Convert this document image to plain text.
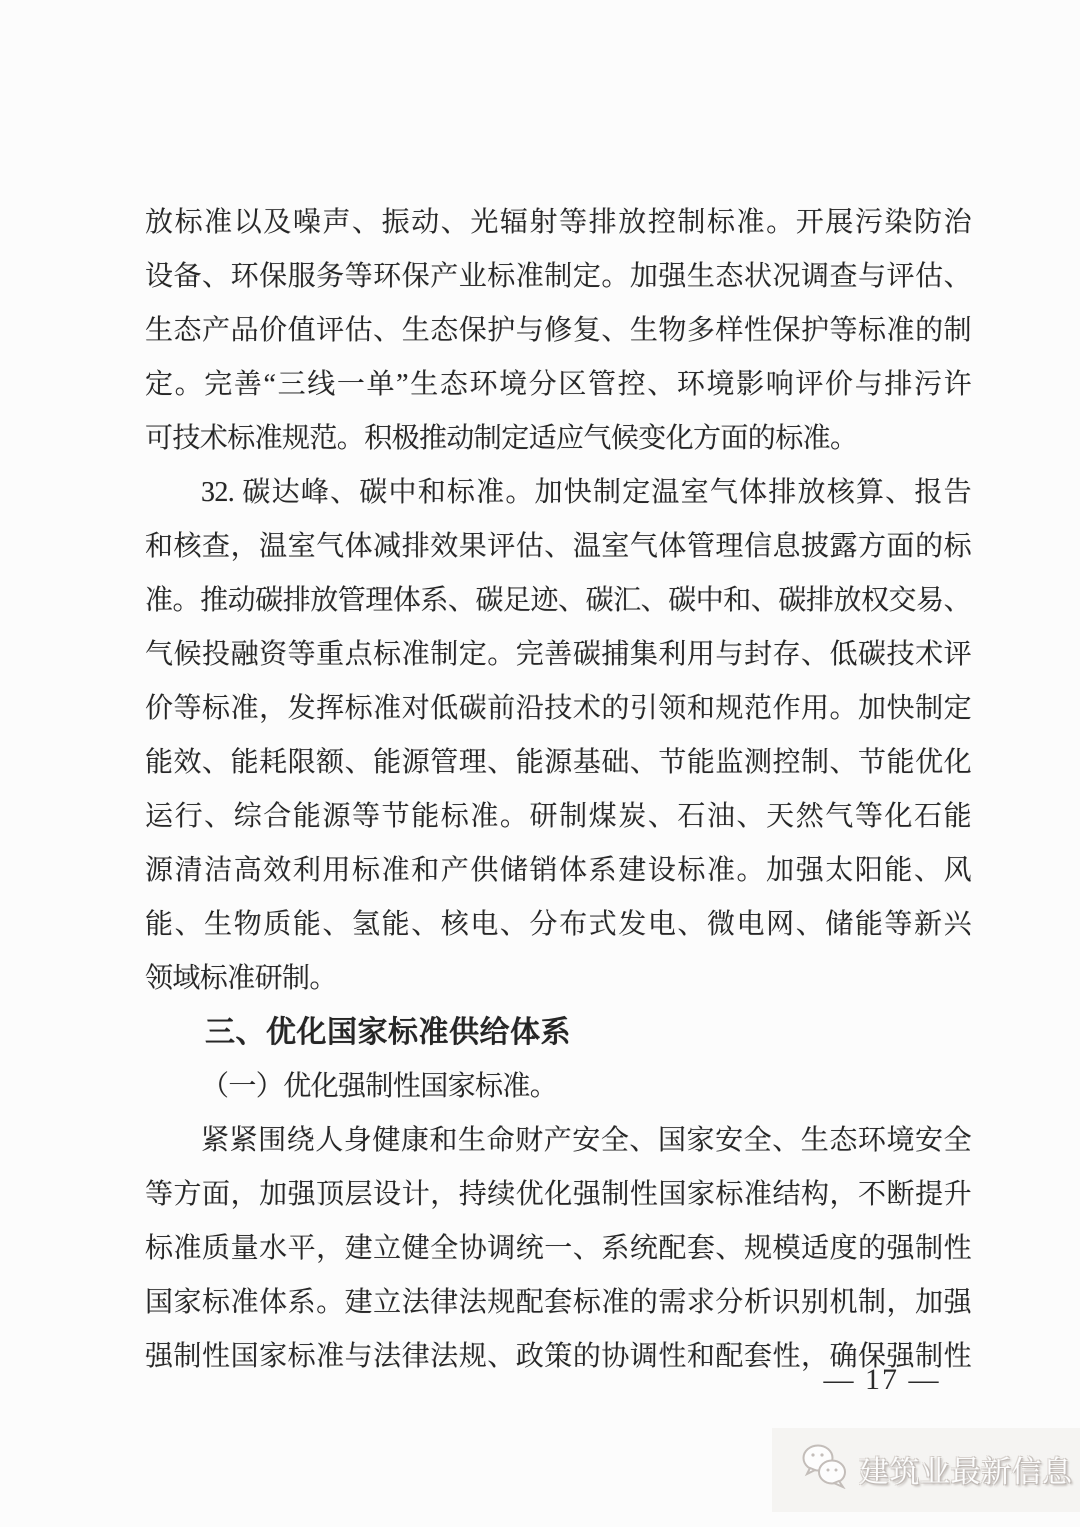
放标准以及噪声、振动、光辐射等排放控制标准。开展污染防治
设备、环保服务等环保产业标准制定。加强生态状况调查与评估、
生态产品价值评估、生态保护与修复、生物多样性保护等标准的制
定。完善“三线一单”生态环境分区管控、环境影响评价与排污许
可技术标准规范。积极推动制定适应气候变化方面的标准。
32. 碳达峰、碳中和标准。加快制定温室气体排放核算、报告
和核查，温室气体减排效果评估、温室气体管理信息披露方面的标
准。推动碳排放管理体系、碳足迹、碳汇、碳中和、碳排放权交易、
气候投融资等重点标准制定。完善碳捕集利用与封存、低碳技术评
价等标准，发挥标准对低碳前沿技术的引领和规范作用。加快制定
能效、能耗限额、能源管理、能源基础、节能监测控制、节能优化
运行、综合能源等节能标准。研制煤炭、石油、天然气等化石能
源清洁高效利用标准和产供储销体系建设标准。加强太阳能、风
能、生物质能、氢能、核电、分布式发电、微电网、储能等新兴
领域标准研制。
三、优化国家标准供给体系
（一）优化强制性国家标准。
紧紧围绕人身健康和生命财产安全、国家安全、生态环境安全
等方面，加强顶层设计，持续优化强制性国家标准结构，不断提升
标准质量水平，建立健全协调统一、系统配套、规模适度的强制性
国家标准体系。建立法律法规配套标准的需求分析识别机制，加强
强制性国家标准与法律法规、政策的协调性和配套性，确保强制性
— 17 —
建筑业最新信息
